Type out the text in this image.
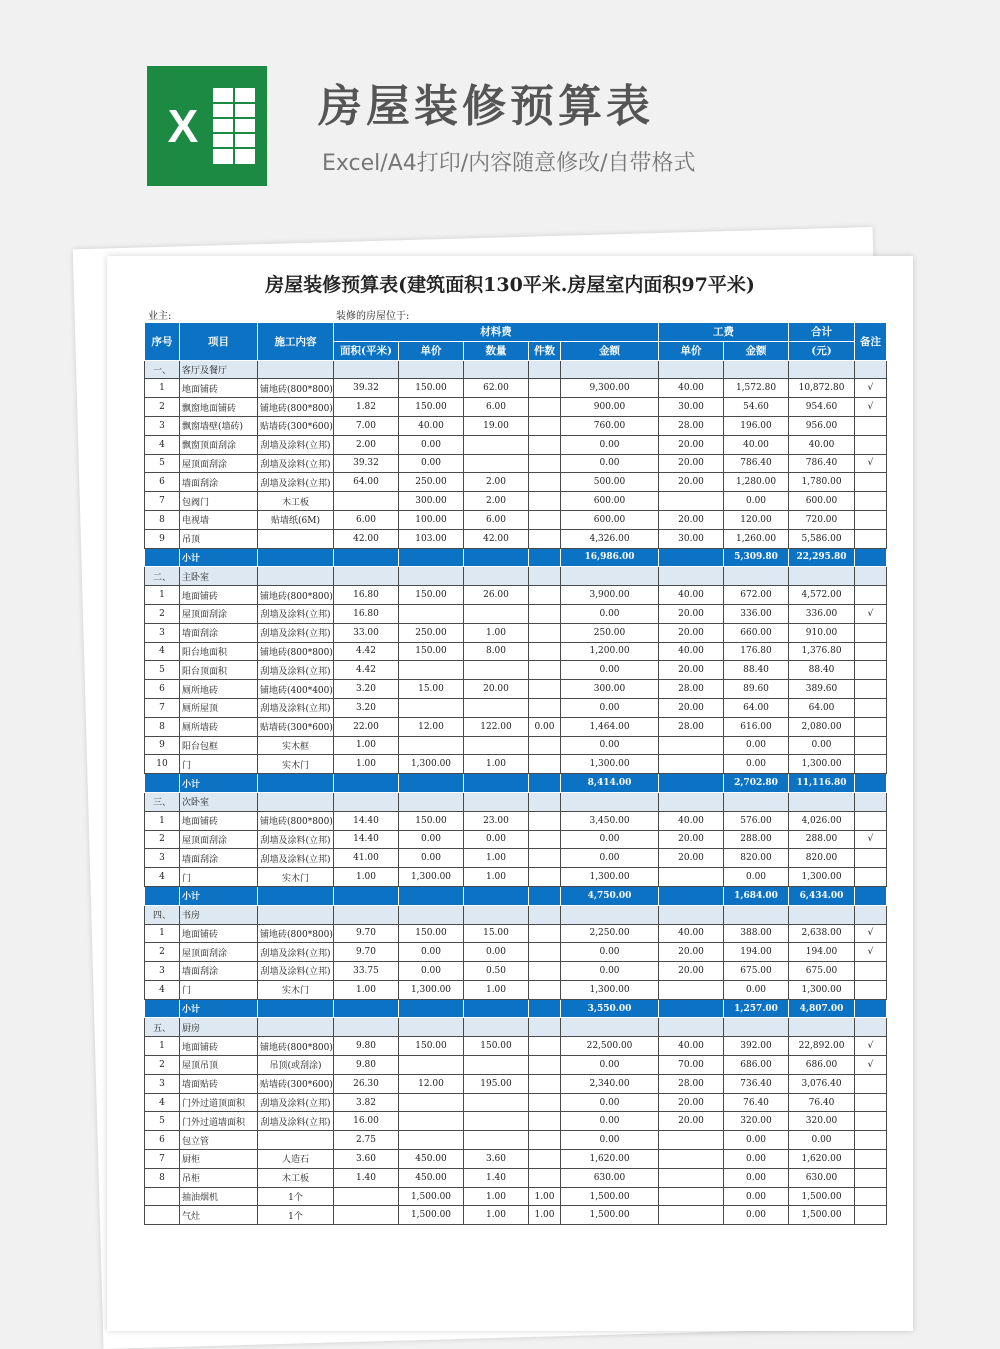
X	房屋装修预算表
Excel/A4打印/内容随意修改/自带格式
房屋装修预算表(建筑面积130平米.房屋室内面积97平米)
业主:	装修的房屋位于:
序号	项目	施工内容	材料费					工费		合计	备注
			面积(平米)	单价	数量	件数	金额	单价	金额	(元)	
一、	客厅及餐厅										
1	地面铺砖	铺地砖(800*800)	39.32	150.00	62.00		9,300.00	40.00	1,572.80	10,872.80	√
2	飘窗地面铺砖	铺地砖(800*800)	1.82	150.00	6.00		900.00	30.00	54.60	954.60	√
3	飘窗墙壁(墙砖)	贴墙砖(300*600)	7.00	40.00	19.00		760.00	28.00	196.00	956.00	
4	飘窗顶面刮涂	刮墙及涂料(立邦)	2.00	0.00			0.00	20.00	40.00	40.00	
5	屋顶面刮涂	刮墙及涂料(立邦)	39.32	0.00			0.00	20.00	786.40	786.40	√
6	墙面刮涂	刮墙及涂料(立邦)	64.00	250.00	2.00		500.00	20.00	1,280.00	1,780.00	
7	包阀门	木工板		300.00	2.00		600.00		0.00	600.00	
8	电视墙	贴墙纸(6M)	6.00	100.00	6.00		600.00	20.00	120.00	720.00	
9	吊顶		42.00	103.00	42.00		4,326.00	30.00	1,260.00	5,586.00	
	小计						16,986.00		5,309.80	22,295.80	
二、	主卧室										
1	地面铺砖	铺地砖(800*800)	16.80	150.00	26.00		3,900.00	40.00	672.00	4,572.00	
2	屋顶面刮涂	刮墙及涂料(立邦)	16.80				0.00	20.00	336.00	336.00	√
3	墙面刮涂	刮墙及涂料(立邦)	33.00	250.00	1.00		250.00	20.00	660.00	910.00	
4	阳台地面积	铺地砖(800*800)	4.42	150.00	8.00		1,200.00	40.00	176.80	1,376.80	
5	阳台顶面积	刮墙及涂料(立邦)	4.42				0.00	20.00	88.40	88.40	
6	厕所地砖	铺地砖(400*400)	3.20	15.00	20.00		300.00	28.00	89.60	389.60	
7	厕所屋顶	刮墙及涂料(立邦)	3.20				0.00	20.00	64.00	64.00	
8	厕所墙砖	贴墙砖(300*600)	22.00	12.00	122.00	0.00	1,464.00	28.00	616.00	2,080.00	
9	阳台包框	实木框	1.00				0.00		0.00	0.00	
10	门	实木门	1.00	1,300.00	1.00		1,300.00		0.00	1,300.00	
	小计						8,414.00		2,702.80	11,116.80	
三、	次卧室										
1	地面铺砖	铺地砖(800*800)	14.40	150.00	23.00		3,450.00	40.00	576.00	4,026.00	
2	屋顶面刮涂	刮墙及涂料(立邦)	14.40	0.00	0.00		0.00	20.00	288.00	288.00	√
3	墙面刮涂	刮墙及涂料(立邦)	41.00	0.00	1.00		0.00	20.00	820.00	820.00	
4	门	实木门	1.00	1,300.00	1.00		1,300.00		0.00	1,300.00	
	小计						4,750.00		1,684.00	6,434.00	
四、	书房										
1	地面铺砖	铺地砖(800*800)	9.70	150.00	15.00		2,250.00	40.00	388.00	2,638.00	√
2	屋顶面刮涂	刮墙及涂料(立邦)	9.70	0.00	0.00		0.00	20.00	194.00	194.00	√
3	墙面刮涂	刮墙及涂料(立邦)	33.75	0.00	0.50		0.00	20.00	675.00	675.00	
4	门	实木门	1.00	1,300.00	1.00		1,300.00		0.00	1,300.00	
	小计						3,550.00		1,257.00	4,807.00	
五、	厨房										
1	地面铺砖	铺地砖(800*800)	9.80	150.00	150.00		22,500.00	40.00	392.00	22,892.00	√
2	屋顶吊顶	吊顶(或刮涂)	9.80				0.00	70.00	686.00	686.00	√
3	墙面贴砖	贴墙砖(300*600)	26.30	12.00	195.00		2,340.00	28.00	736.40	3,076.40	
4	门外过道顶面积	刮墙及涂料(立邦)	3.82				0.00	20.00	76.40	76.40	
5	门外过道墙面积	刮墙及涂料(立邦)	16.00				0.00	20.00	320.00	320.00	
6	包立管		2.75				0.00		0.00	0.00	
7	厨柜	人造石	3.60	450.00	3.60		1,620.00		0.00	1,620.00	
8	吊柜	木工板	1.40	450.00	1.40		630.00		0.00	630.00	
	抽油烟机	1个		1,500.00	1.00	1.00	1,500.00		0.00	1,500.00	
	气灶	1个		1,500.00	1.00	1.00	1,500.00		0.00	1,500.00	
